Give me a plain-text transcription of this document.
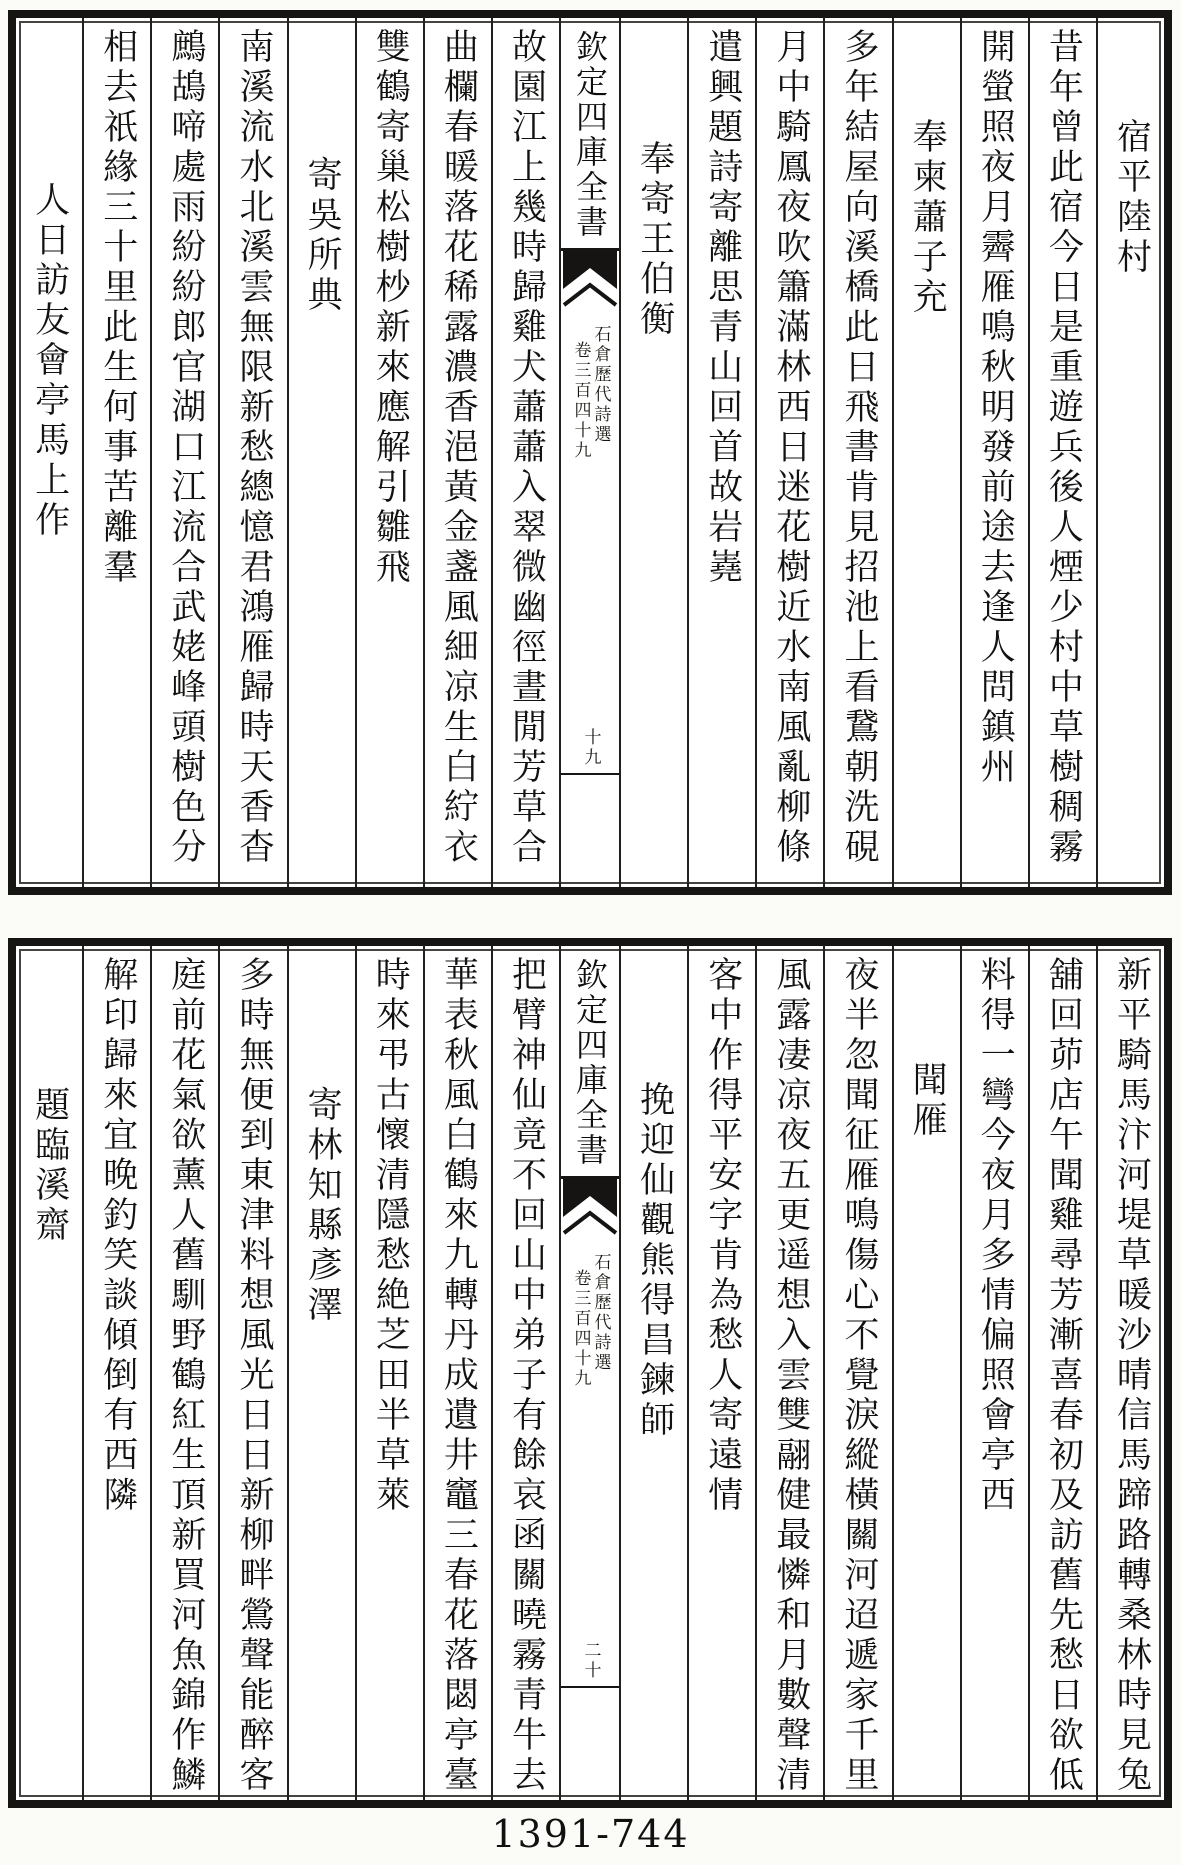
宿平陸村
昔年曾此宿今日是重遊兵後人煙少村中草樹稠霧
開螢照夜月霽雁鳴秋明發前途去逢人問鎮州
奉柬蕭子充
多年結屋向溪橋此日飛書肯見招池上看鵞朝洗硯
月中騎鳳夜吹簫滿林西日迷花樹近水南風亂柳條
遣興題詩寄離思青山回首故岩嶤
奉寄王伯衡
欽定四庫全書
石倉歷代詩選
卷三百四十九
十九
故園江上幾時歸雞犬蕭蕭入翠微幽徑晝閒芳草合
曲欄春暖落花稀露濃香浥黃金盞風細凉生白紵衣
雙鶴寄巢松樹杪新來應解引雛飛
寄吳所典
南溪流水北溪雲無限新愁總憶君鴻雁歸時天香杳
鷓鴣啼處雨紛紛郎官湖口江流合武姥峰頭樹色分
相去祇緣三十里此生何事苦離羣
人日訪友會亭馬上作
新平騎馬汴河堤草暖沙晴信馬蹄路轉桑林時見兔
舖回茆店午聞雞尋芳漸喜春初及訪舊先愁日欲低
料得一彎今夜月多情偏照會亭西
聞雁
夜半忽聞征雁鳴傷心不覺淚縱橫關河迢遞家千里
風露凄凉夜五更遥想入雲雙翮健最憐和月數聲清
客中作得平安字肯為愁人寄遠情
挽迎仙觀熊得昌鍊師
欽定四庫全書
石倉歷代詩選
卷三百四十九
二十
把臂神仙竟不回山中弟子有餘哀函關曉霧青牛去
華表秋風白鶴來九轉丹成遺井竈三春花落閟亭臺
時來弔古懷清隱愁絶芝田半草萊
寄林知縣彥澤
多時無便到東津料想風光日日新柳畔鶯聲能醉客
庭前花氣欲薰人舊馴野鶴紅生頂新買河魚錦作鱗
解印歸來宜晚釣笑談傾倒有西隣
題臨溪齋
1391-744
